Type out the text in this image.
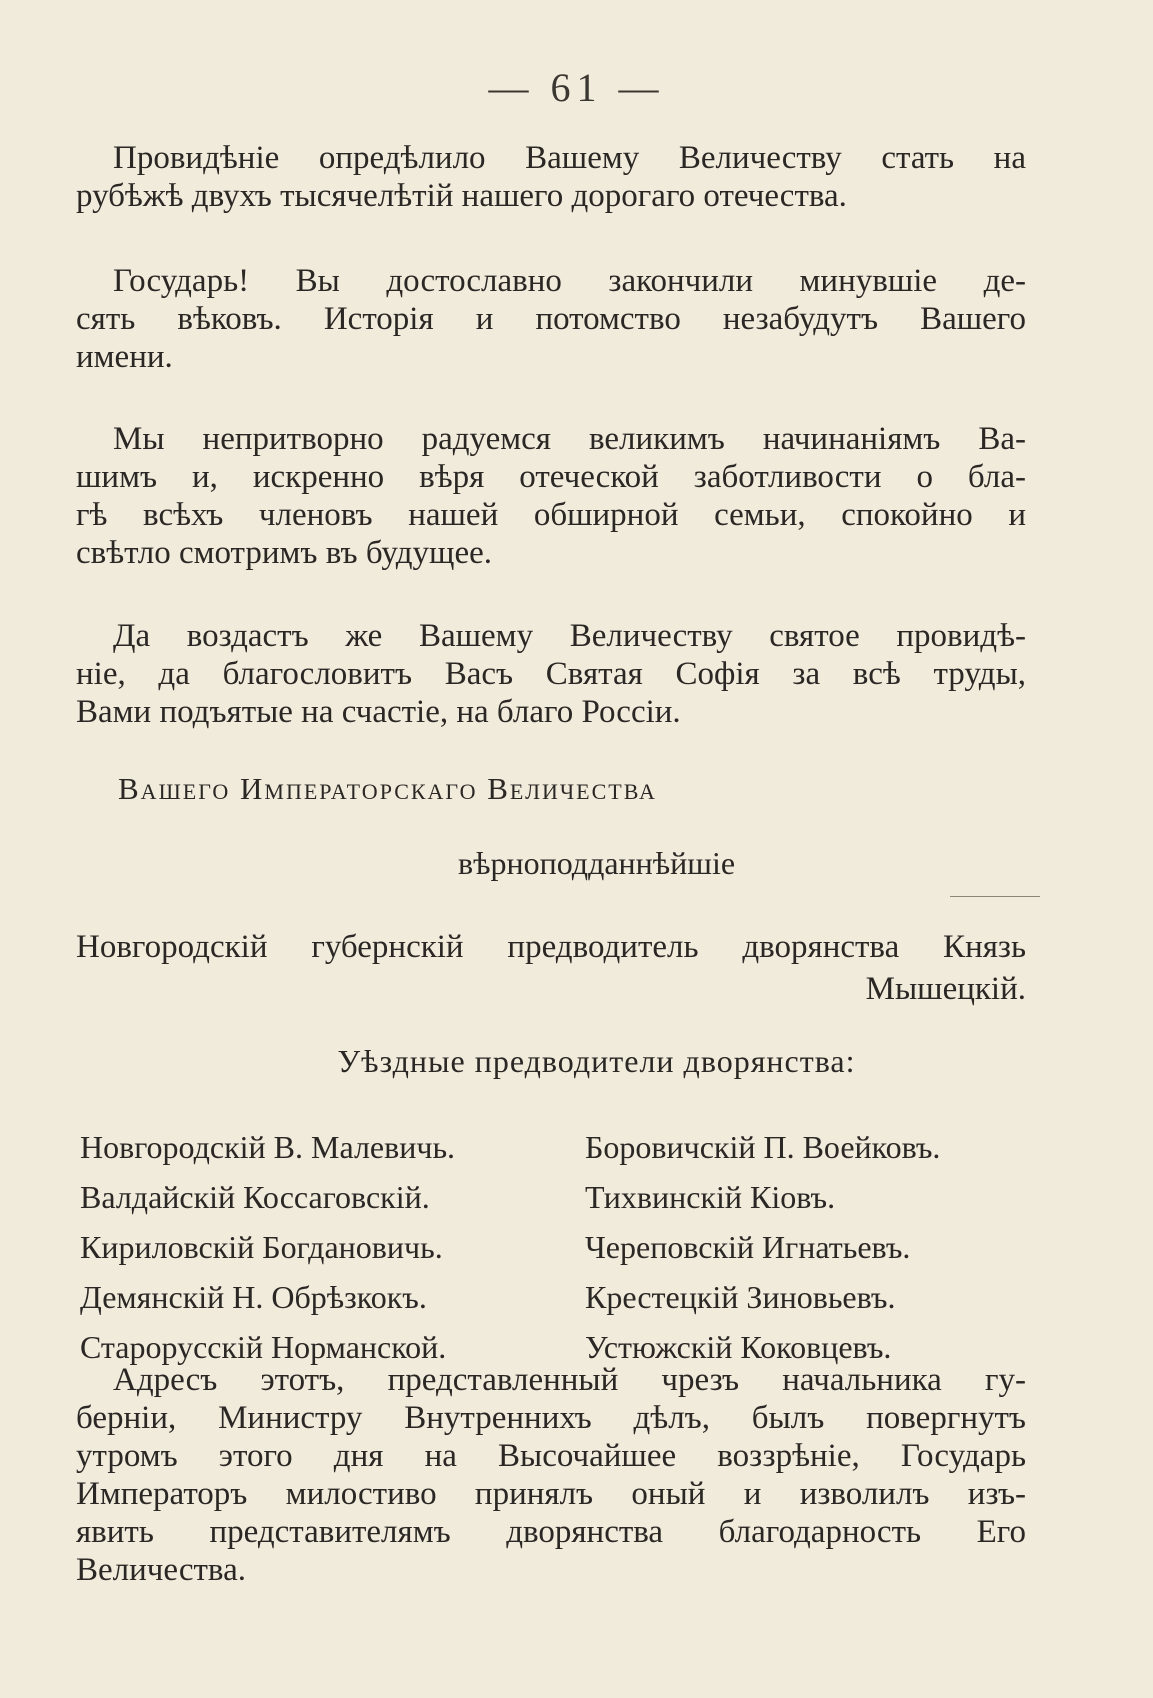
— 61 —
Провидѣніе опредѣлило Вашему Величеству стать на
рубѣжѣ двухъ тысячелѣтій нашего дорогаго отечества.
Государь! Вы достославно закончили минувшіе де-
сять вѣковъ. Исторія и потомство незабудутъ Вашего
имени.
Мы непритворно радуемся великимъ начинаніямъ Ва-
шимъ и, искренно вѣря отеческой заботливости о бла-
гѣ всѣхъ членовъ нашей обширной семьи, спокойно и
свѣтло смотримъ въ будущее.
Да воздастъ же Вашему Величеству святое провидѣ-
ніе, да благословитъ Васъ Святая Софія за всѣ труды,
Вами подъятые на счастіе, на благо Россіи.
Вашего Императорскаго Величества
вѣрноподданнѣйшіе
Новгородскій губернскій предводитель дворянства Князь
Мышецкій.
Уѣздные предводители дворянства:
Новгородскій В. Малевичь.	Боровичскій П. Воейковъ.
Валдайскій Коссаговскій.	Тихвинскій Кіовъ.
Кириловскій Богдановичь.	Череповскій Игнатьевъ.
Демянскій Н. Обрѣзкокъ.	Крестецкій Зиновьевъ.
Старорусскій Норманской.	Устюжскій Коковцевъ.
Адресъ этотъ, представленный чрезъ начальника гу-
берніи, Министру Внутреннихъ дѣлъ, былъ повергнутъ
утромъ этого дня на Высочайшее воззрѣніе, Государь
Императоръ милостиво принялъ оный и изволилъ изъ-
явить представителямъ дворянства благодарность Его
Величества.
